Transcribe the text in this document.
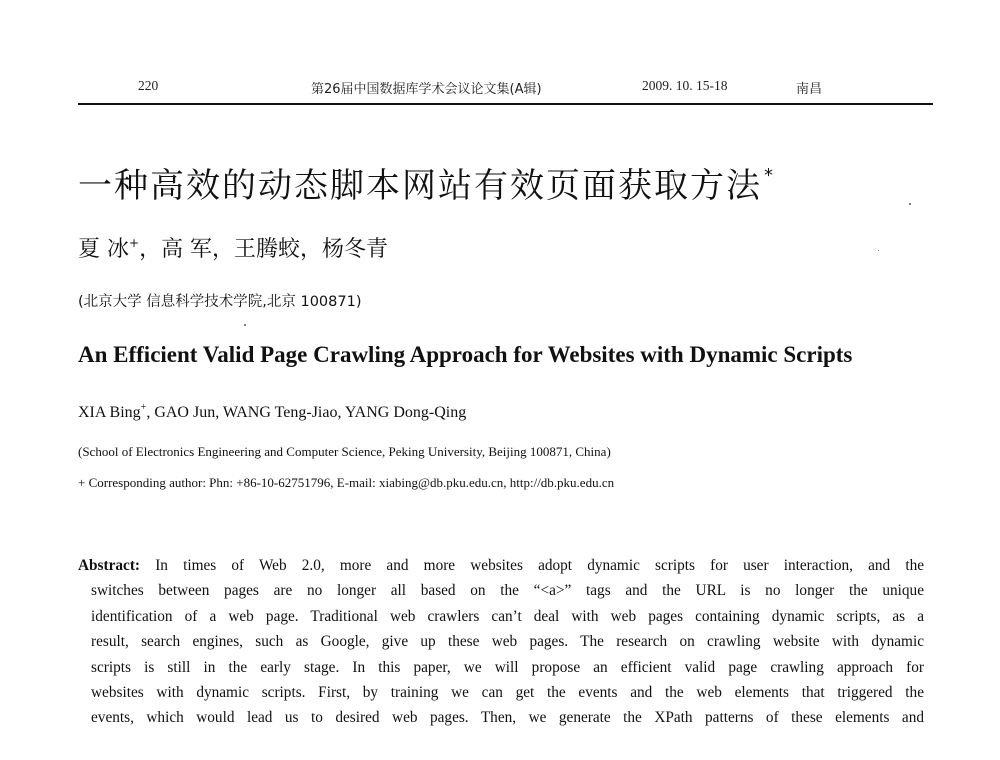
220	第26届中国数据库学术会议论文集(A辑)	2009. 10. 15-18	南昌
一种高效的动态脚本网站有效页面获取方法 *
夏 冰+，高 军，王腾蛟，杨冬青
(北京大学 信息科学技术学院,北京 100871)
An Efficient Valid Page Crawling Approach for Websites with Dynamic Scripts
XIA Bing+, GAO Jun, WANG Teng-Jiao, YANG Dong-Qing
(School of Electronics Engineering and Computer Science, Peking University, Beijing 100871, China)
+ Corresponding author: Phn: +86-10-62751796, E-mail: xiabing@db.pku.edu.cn, http://db.pku.edu.cn
Abstract: In times of Web 2.0, more and more websites adopt dynamic scripts for user interaction, and the
switches between pages are no longer all based on the “<a>” tags and the URL is no longer the unique
identification of a web page. Traditional web crawlers can’t deal with web pages containing dynamic scripts, as a
result, search engines, such as Google, give up these web pages. The research on crawling website with dynamic
scripts is still in the early stage. In this paper, we will propose an efficient valid page crawling approach for
websites with dynamic scripts. First, by training we can get the events and the web elements that triggered the
events, which would lead us to desired web pages. Then, we generate the XPath patterns of these elements and
